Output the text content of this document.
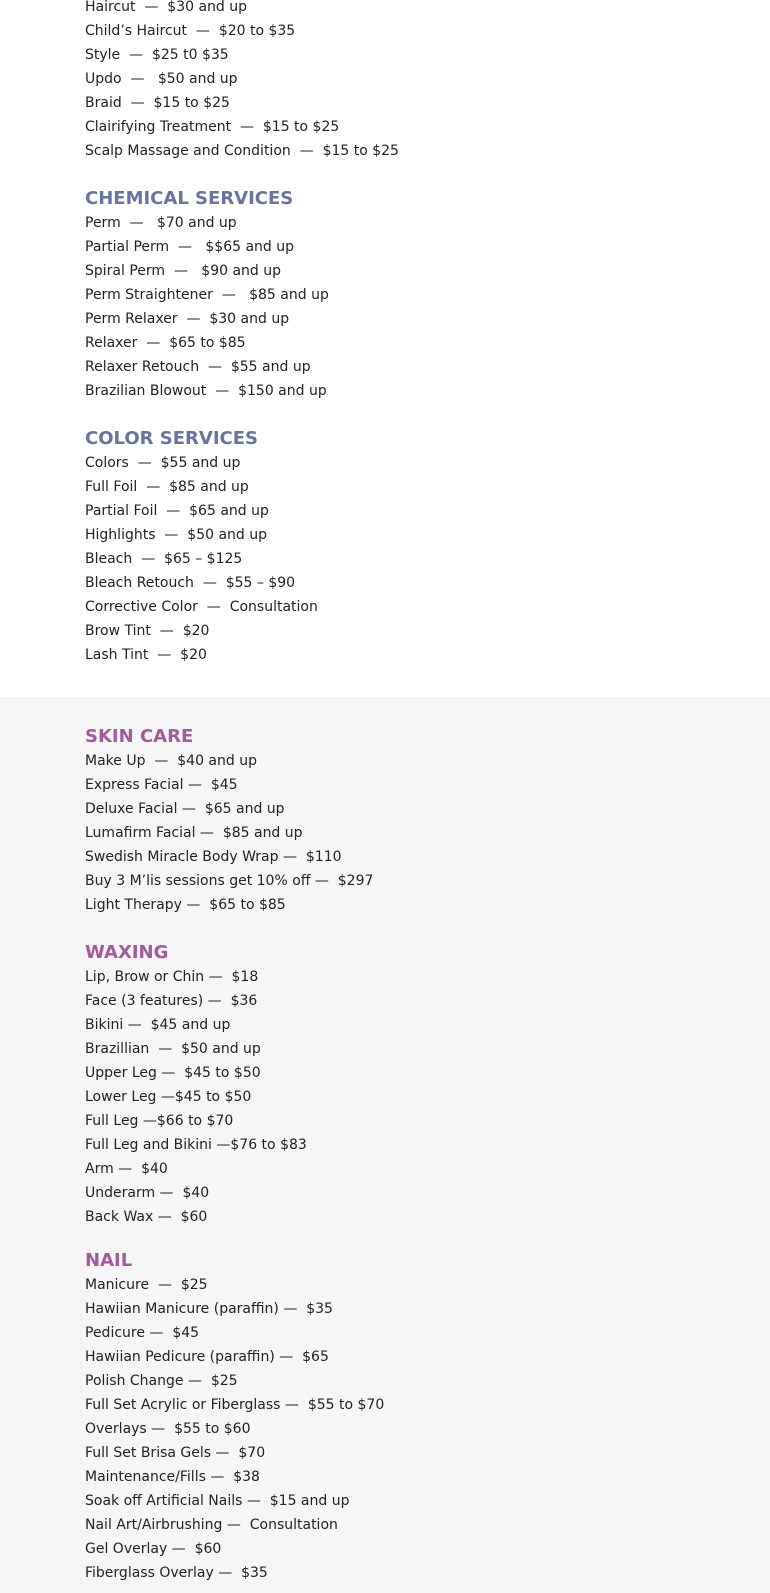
Haircut  —  $30 and up
Child’s Haircut  —  $20 to $35
Style  —  $25 t0 $35
Updo  —   $50 and up
Braid  —  $15 to $25
Clairifying Treatment  —  $15 to $25
Scalp Massage and Condition  —  $15 to $25
CHEMICAL SERVICES
Perm  —   $70 and up
Partial Perm  —   $$65 and up
Spiral Perm  —   $90 and up
Perm Straightener  —   $85 and up
Perm Relaxer  —  $30 and up
Relaxer  —  $65 to $85
Relaxer Retouch  —  $55 and up
Brazilian Blowout  —  $150 and up
COLOR SERVICES
Colors  —  $55 and up
Full Foil  —  $85 and up
Partial Foil  —  $65 and up
Highlights  —  $50 and up
Bleach  —  $65 – $125
Bleach Retouch  —  $55 – $90
Corrective Color  —  Consultation
Brow Tint  —  $20
Lash Tint  —  $20
SKIN CARE
Make Up  —  $40 and up
Express Facial —  $45
Deluxe Facial —  $65 and up
Lumafirm Facial —  $85 and up
Swedish Miracle Body Wrap —  $110
Buy 3 M’lis sessions get 10% off —  $297
Light Therapy —  $65 to $85
WAXING
Lip, Brow or Chin —  $18
Face (3 features) —  $36
Bikini —  $45 and up
Brazillian  —  $50 and up
Upper Leg —  $45 to $50
Lower Leg —$45 to $50
Full Leg —$66 to $70
Full Leg and Bikini —$76 to $83
Arm —  $40
Underarm —  $40
Back Wax —  $60
NAIL
Manicure  —  $25
Hawiian Manicure (paraffin) —  $35
Pedicure —  $45
Hawiian Pedicure (paraffin) —  $65
Polish Change —  $25
Full Set Acrylic or Fiberglass —  $55 to $70
Overlays —  $55 to $60
Full Set Brisa Gels —  $70
Maintenance/Fills —  $38
Soak off Artificial Nails —  $15 and up
Nail Art/Airbrushing —  Consultation
Gel Overlay —  $60
Fiberglass Overlay —  $35
